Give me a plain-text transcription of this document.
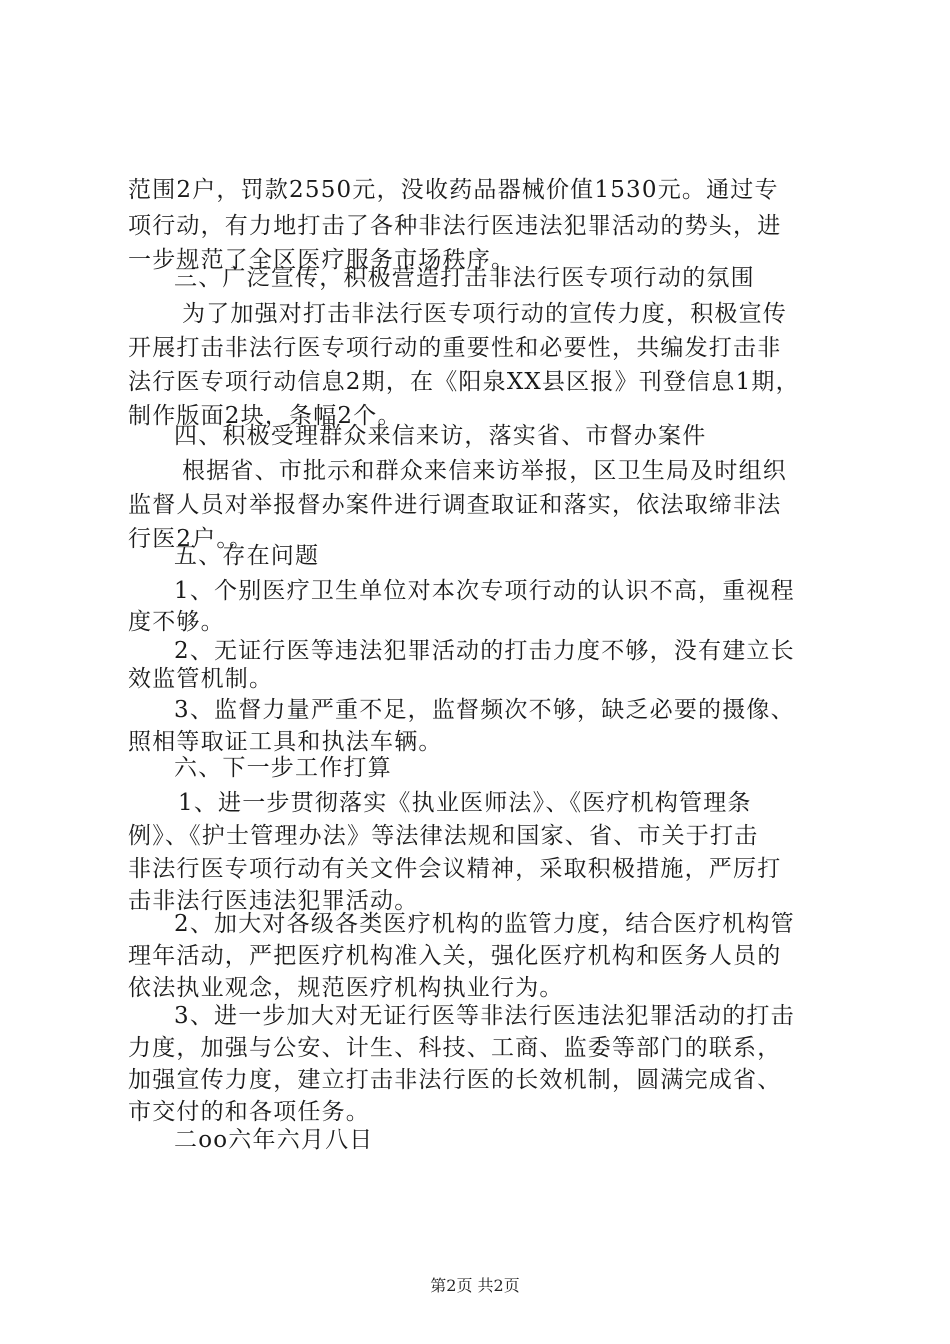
范围2户，罚款2550元，没收药品器械价值1530元。通过专
项行动，有力地打击了各种非法行医违法犯罪活动的势头，进
一步规范了全区医疗服务市场秩序。
三、广泛宣传，积极营造打击非法行医专项行动的氛围
为了加强对打击非法行医专项行动的宣传力度，积极宣传
开展打击非法行医专项行动的重要性和必要性，共编发打击非
法行医专项行动信息2期，在《阳泉XX县区报》刊登信息1期，
制作版面2块，条幅2个。
四、积极受理群众来信来访，落实省、市督办案件
根据省、市批示和群众来信来访举报，区卫生局及时组织
监督人员对举报督办案件进行调查取证和落实，依法取缔非法
行医2户。。
五、存在问题
1、个别医疗卫生单位对本次专项行动的认识不高，重视程
度不够。
2、无证行医等违法犯罪活动的打击力度不够，没有建立长
效监管机制。
3、监督力量严重不足，监督频次不够，缺乏必要的摄像、
照相等取证工具和执法车辆。
六、下一步工作打算
1、进一步贯彻落实《执业医师法》、《医疗机构管理条
例》、《护士管理办法》等法律法规和国家、省、市关于打击
非法行医专项行动有关文件会议精神，采取积极措施，严厉打
击非法行医违法犯罪活动。
2、加大对各级各类医疗机构的监管力度，结合医疗机构管
理年活动，严把医疗机构准入关，强化医疗机构和医务人员的
依法执业观念，规范医疗机构执业行为。
3、进一步加大对无证行医等非法行医违法犯罪活动的打击
力度，加强与公安、计生、科技、工商、监委等部门的联系，
加强宣传力度，建立打击非法行医的长效机制，圆满完成省、
市交付的和各项任务。
二oo六年六月八日
第2页 共2页
